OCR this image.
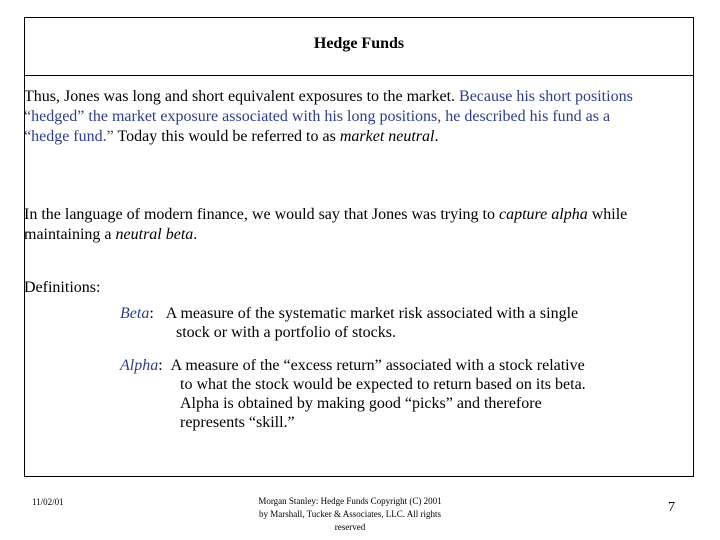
Hedge Funds
Thus, Jones was long and short equivalent exposures to the market. Because his short positions “hedged” the market exposure associated with his long positions, he described his fund as a “hedge fund.” Today this would be referred to as market neutral.
In the language of modern finance, we would say that Jones was trying to capture alpha while maintaining a neutral beta.
Definitions:
Beta: A measure of the systematic market risk associated with a single
stock or with a portfolio of stocks.
Alpha: A measure of the “excess return” associated with a stock relative
to what the stock would be expected to return based on its beta.
Alpha is obtained by making good “picks” and therefore
represents “skill.”
11/02/01	Morgan Stanley: Hedge Funds Copyright (C) 2001
by Marshall, Tucker & Associates, LLC. All rights
reserved
7
